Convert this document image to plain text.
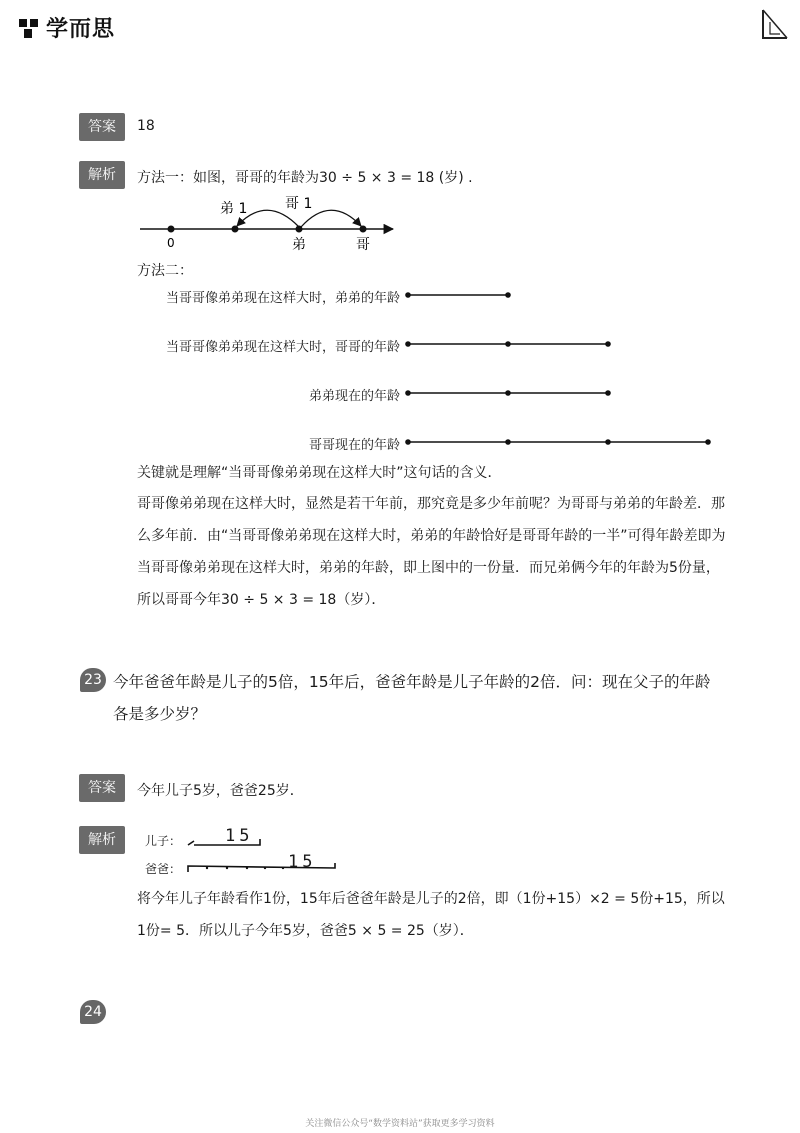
学而思
答案	18
解析	方法一：如图，哥哥的年龄为30 ÷ 5 × 3 = 18 (岁) .
0
弟 1	哥 1
弟	哥
方法二：
当哥哥像弟弟现在这样大时，弟弟的年龄
当哥哥像弟弟现在这样大时，哥哥的年龄
弟弟现在的年龄
哥哥现在的年龄
关键就是理解“当哥哥像弟弟现在这样大时”这句话的含义．
哥哥像弟弟现在这样大时，显然是若干年前，那究竟是多少年前呢？为哥哥与弟弟的年龄差．那么多年前．由“当哥哥像弟弟现在这样大时，弟弟的年龄恰好是哥哥年龄的一半”可得年龄差即为当哥哥像弟弟现在这样大时，弟弟的年龄，即上图中的一份量．而兄弟俩今年的年龄为5份量，所以哥哥今年30 ÷ 5 × 3 = 18（岁）．
23 今年爸爸年龄是儿子的5倍，15年后，爸爸年龄是儿子年龄的2倍．问：现在父子的年龄各是多少岁？
答案	今年儿子5岁，爸爸25岁．
解析	儿子：
爸爸：
15
15
将今年儿子年龄看作1份，15年后爸爸年龄是儿子的2倍，即（1份+15）×2 = 5份+15，所以1份= 5．所以儿子今年5岁，爸爸5 × 5 = 25（岁）．
24
关注微信公众号“数学资料站”获取更多学习资料
